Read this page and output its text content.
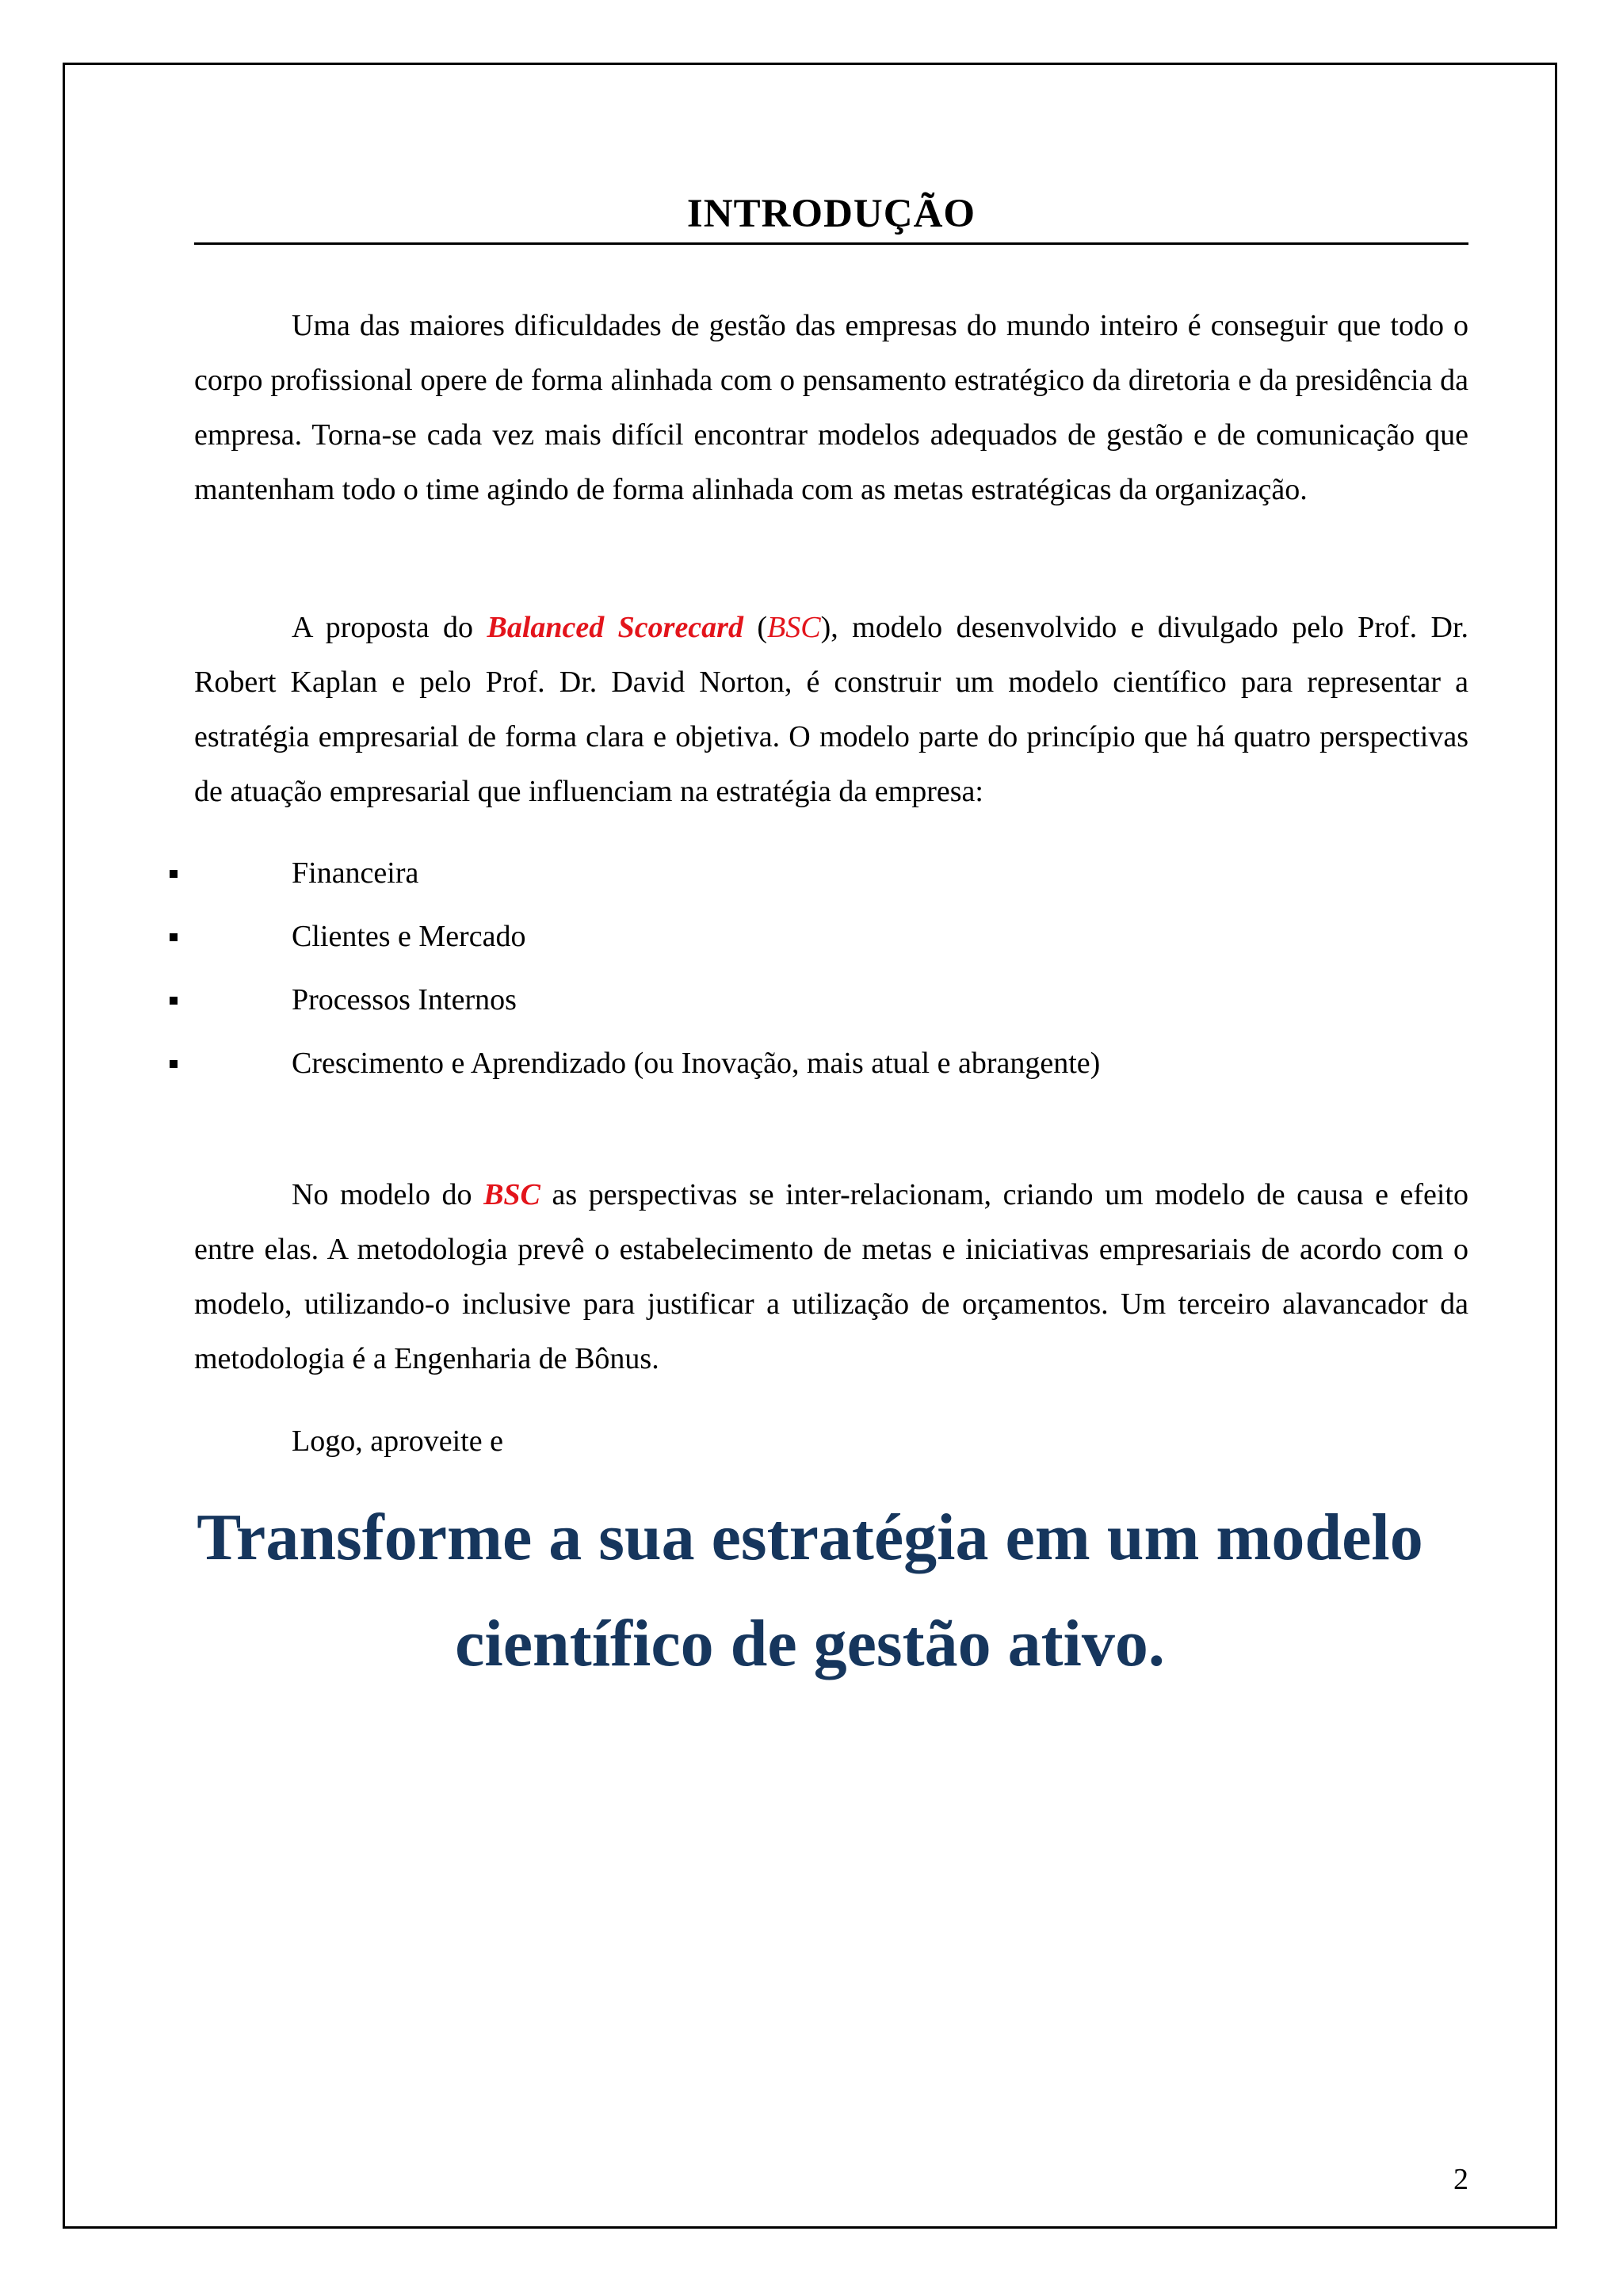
INTRODUÇÃO

Uma das maiores dificuldades de gestão das empresas do mundo inteiro é conseguir que todo o corpo profissional opere de forma alinhada com o pensamento estratégico da diretoria e da presidência da empresa. Torna-se cada vez mais difícil encontrar modelos adequados de gestão e de comunicação que mantenham todo o time agindo de forma alinhada com as metas estratégicas da organização.

A proposta do Balanced Scorecard (BSC), modelo desenvolvido e divulgado pelo Prof. Dr. Robert Kaplan e pelo Prof. Dr. David Norton, é construir um modelo científico para representar a estratégia empresarial de forma clara e objetiva. O modelo parte do princípio que há quatro perspectivas de atuação empresarial que influenciam na estratégia da empresa:

No modelo do BSC as perspectivas se inter-relacionam, criando um modelo de causa e efeito entre elas. A metodologia prevê o estabelecimento de metas e iniciativas empresariais de acordo com o modelo, utilizando-o inclusive para justificar a utilização de orçamentos. Um terceiro alavancador da metodologia é a Engenharia de Bônus.

Logo, aproveite e

Financeira
Clientes e Mercado
Processos Internos
Crescimento e Aprendizado (ou Inovação, mais atual e abrangente)
Transforme a sua estratégia em um modelo
científico de gestão ativo.
2
